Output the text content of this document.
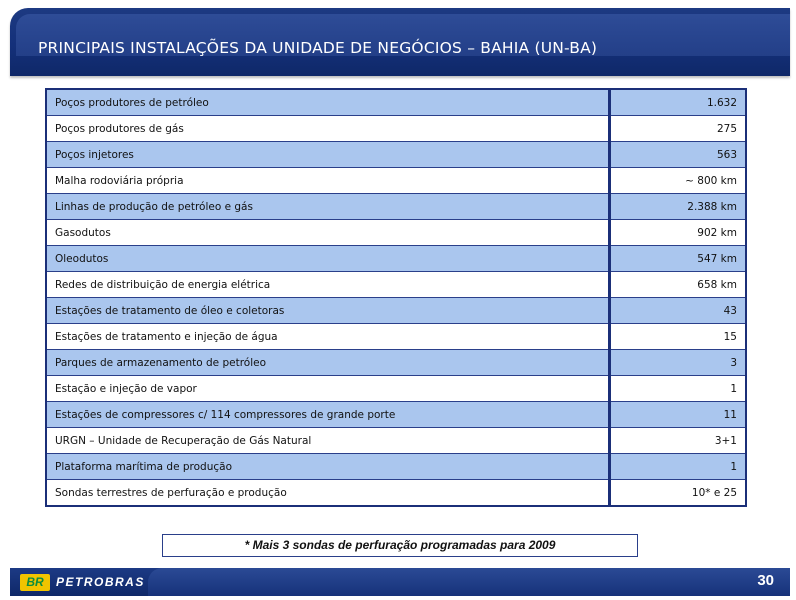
PRINCIPAIS INSTALAÇÕES DA UNIDADE DE NEGÓCIOS – BAHIA (UN-BA)
Poços produtores de petróleo	1.632
Poços produtores de gás	275
Poços injetores	563
Malha rodoviária própria	~ 800 km
Linhas de produção de petróleo e gás	2.388 km
Gasodutos	902 km
Oleodutos	547 km
Redes de distribuição de energia elétrica	658 km
Estações de tratamento de óleo e coletoras	43
Estações de tratamento e injeção de água	15
Parques de armazenamento de petróleo	3
Estação e injeção de vapor	1
Estações de compressores c/ 114 compressores de grande porte	11
URGN – Unidade de Recuperação de Gás Natural	3+1
Plataforma marítima de produção	1
Sondas terrestres de perfuração e produção	10* e 25
* Mais 3 sondas de perfuração programadas para 2009
BR	PETROBRAS	30
